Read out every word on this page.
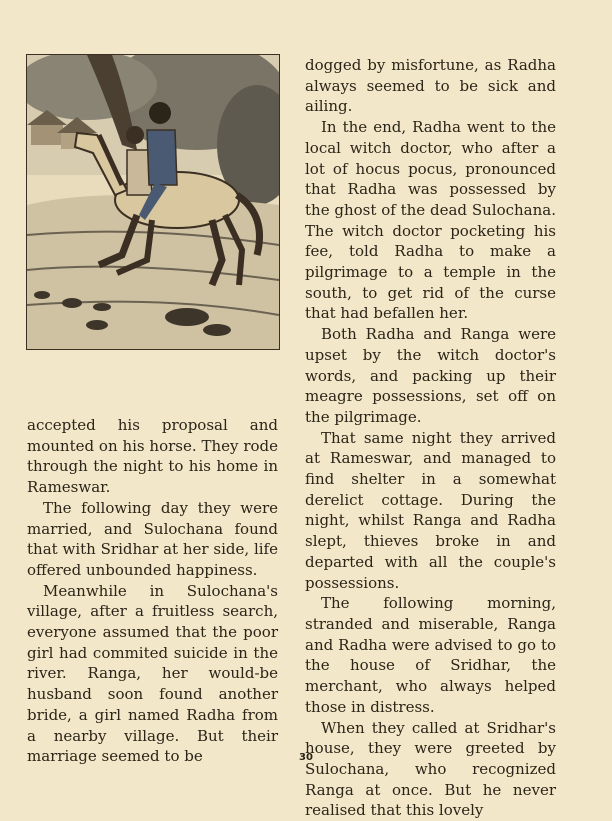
accepted his proposal and mounted on his horse. They rode through the night to his home in Rameswar.

The following day they were married, and Sulochana found that with Sridhar at her side, life offered unbounded happiness.

Meanwhile in Sulochana's village, after a fruitless search, everyone assumed that the poor girl had commited suicide in the river. Ranga, her would-be husband soon found another bride, a girl named Radha from a nearby village. But their marriage seemed to be

dogged by misfortune, as Radha always seemed to be sick and ailing.

In the end, Radha went to the local witch doctor, who after a lot of hocus pocus, pronounced that Radha was possessed by the ghost of the dead Sulochana. The witch doctor pocketing his fee, told Radha to make a pilgrimage to a temple in the south, to get rid of the curse that had befallen her.

Both Radha and Ranga were upset by the witch doctor's words, and packing up their meagre possessions, set off on the pilgrimage.

That same night they arrived at Rameswar, and managed to find shelter in a somewhat derelict cottage. During the night, whilst Ranga and Radha slept, thieves broke in and departed with all the couple's possessions.

The following morning, stranded and miserable, Ranga and Radha were advised to go to the house of Sridhar, the merchant, who always helped those in distress.

When they called at Sridhar's house, they were greeted by Sulochana, who recognized Ranga at once. But he never realised that this lovely

30
